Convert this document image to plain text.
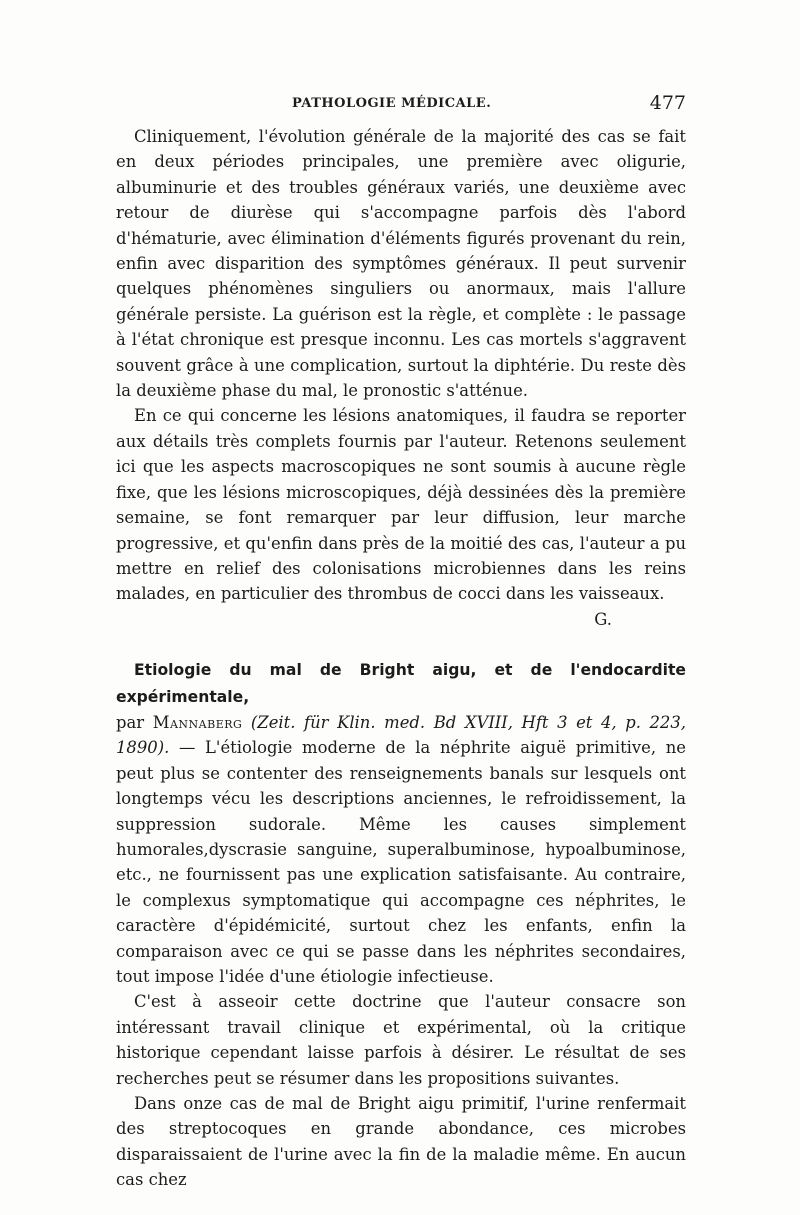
PATHOLOGIE MÉDICALE.	477

Cliniquement, l'évolution générale de la majorité des cas se fait en deux périodes principales, une première avec oligurie, albuminurie et des troubles généraux variés, une deuxième avec retour de diurèse qui s'accompagne parfois dès l'abord d'hématurie, avec élimination d'éléments figurés provenant du rein, enfin avec disparition des symptômes généraux. Il peut survenir quelques phénomènes singuliers ou anormaux, mais l'allure générale persiste. La guérison est la règle, et complète : le passage à l'état chronique est presque inconnu. Les cas mortels s'aggravent souvent grâce à une complication, surtout la diphtérie. Du reste dès la deuxième phase du mal, le pronostic s'atténue.

En ce qui concerne les lésions anatomiques, il faudra se reporter aux détails très complets fournis par l'auteur. Retenons seulement ici que les aspects macroscopiques ne sont soumis à aucune règle fixe, que les lésions microscopiques, déjà dessinées dès la première semaine, se font remarquer par leur diffusion, leur marche progressive, et qu'enfin dans près de la moitié des cas, l'auteur a pu mettre en relief des colonisations microbiennes dans les reins malades, en particulier des thrombus de cocci dans les vaisseaux.

G.

Etiologie du mal de Bright aigu, et de l'endocardite expérimentale,
par Mannaberg (Zeit. für Klin. med. Bd XVIII, Hft 3 et 4, p. 223, 1890). — L'étiologie moderne de la néphrite aiguë primitive, ne peut plus se contenter des renseignements banals sur lesquels ont longtemps vécu les descriptions anciennes, le refroidissement, la suppression sudorale. Même les causes simplement humorales,dyscrasie sanguine, superalbuminose, hypoalbuminose, etc., ne fournissent pas une explication satisfaisante. Au contraire, le complexus symptomatique qui accompagne ces néphrites, le caractère d'épidémicité, surtout chez les enfants, enfin la comparaison avec ce qui se passe dans les néphrites secondaires, tout impose l'idée d'une étiologie infectieuse.

C'est à asseoir cette doctrine que l'auteur consacre son intéressant travail clinique et expérimental, où la critique historique cependant laisse parfois à désirer. Le résultat de ses recherches peut se résumer dans les propositions suivantes.

Dans onze cas de mal de Bright aigu primitif, l'urine renfermait des streptocoques en grande abondance, ces microbes disparaissaient de l'urine avec la fin de la maladie même. En aucun cas chez
